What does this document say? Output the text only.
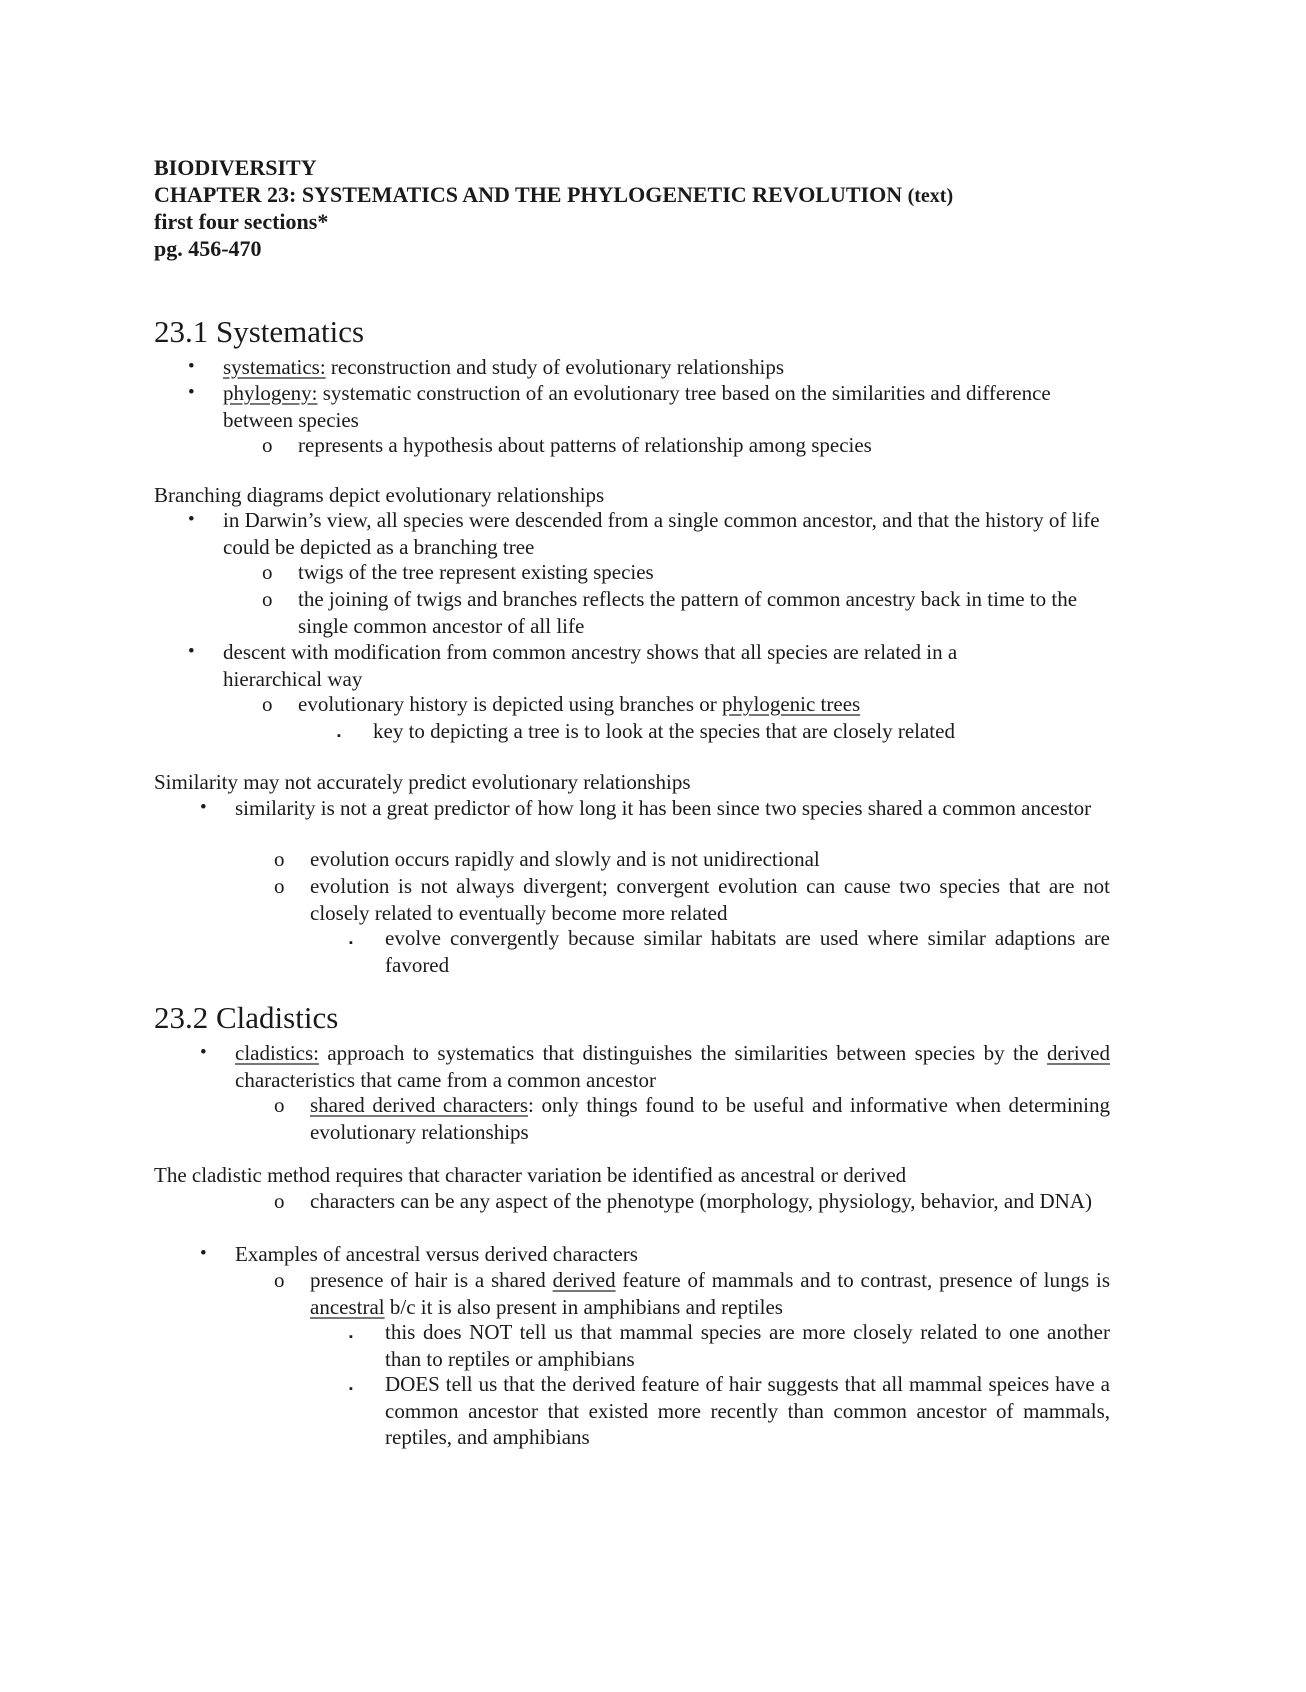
BIODIVERSITY
CHAPTER 23: SYSTEMATICS AND THE PHYLOGENETIC REVOLUTION (text)
first four sections*
pg. 456-470
23.1 Systematics
• systematics: reconstruction and study of evolutionary relationships
• phylogeny: systematic construction of an evolutionary tree based on the similarities and difference between species
o represents a hypothesis about patterns of relationship among species
Branching diagrams depict evolutionary relationships
• in Darwin’s view, all species were descended from a single common ancestor, and that the history of life could be depicted as a branching tree
o twigs of the tree represent existing species
o the joining of twigs and branches reflects the pattern of common ancestry back in time to the single common ancestor of all life
• descent with modification from common ancestry shows that all species are related in a hierarchical way
o evolutionary history is depicted using branches or phylogenic trees
▪ key to depicting a tree is to look at the species that are closely related
Similarity may not accurately predict evolutionary relationships
• similarity is not a great predictor of how long it has been since two species shared a common ancestor
o evolution occurs rapidly and slowly and is not unidirectional
o evolution is not always divergent; convergent evolution can cause two species that are not closely related to eventually become more related
▪ evolve convergently because similar habitats are used where similar adaptions are favored
23.2 Cladistics
• cladistics: approach to systematics that distinguishes the similarities between species by the derived characteristics that came from a common ancestor
o shared derived characters: only things found to be useful and informative when determining evolutionary relationships
The cladistic method requires that character variation be identified as ancestral or derived
o characters can be any aspect of the phenotype (morphology, physiology, behavior, and DNA)
• Examples of ancestral versus derived characters
o presence of hair is a shared derived feature of mammals and to contrast, presence of lungs is ancestral b/c it is also present in amphibians and reptiles
▪ this does NOT tell us that mammal species are more closely related to one another than to reptiles or amphibians
▪ DOES tell us that the derived feature of hair suggests that all mammal speices have a common ancestor that existed more recently than common ancestor of mammals, reptiles, and amphibians
